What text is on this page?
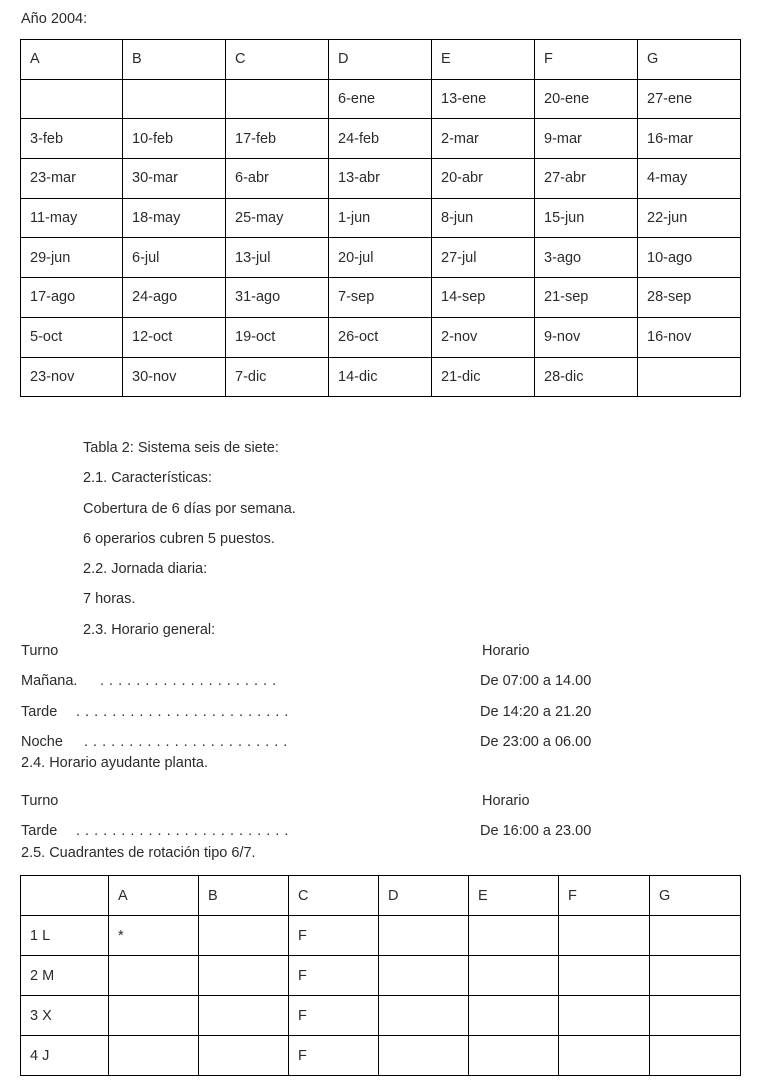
Año 2004:
A	B	C	D	E	F	G
			6-ene	13-ene	20-ene	27-ene
3-feb	10-feb	17-feb	24-feb	2-mar	9-mar	16-mar
23-mar	30-mar	6-abr	13-abr	20-abr	27-abr	4-may
11-may	18-may	25-may	1-jun	8-jun	15-jun	22-jun
29-jun	6-jul	13-jul	20-jul	27-jul	3-ago	10-ago
17-ago	24-ago	31-ago	7-sep	14-sep	21-sep	28-sep
5-oct	12-oct	19-oct	26-oct	2-nov	9-nov	16-nov
23-nov	30-nov	7-dic	14-dic	21-dic	28-dic	
Tabla 2: Sistema seis de siete:
2.1. Características:
Cobertura de 6 días por semana.
6 operarios cubren 5 puestos.
2.2. Jornada diaria:
7 horas.
2.3. Horario general:
Turno	Horario
Mañana. . . . . . . . . . . . . . . . . . . . .	De 07:00 a 14.00
Tarde . . . . . . . . . . . . . . . . . . . . . . . .	De 14:20 a 21.20
Noche . . . . . . . . . . . . . . . . . . . . . . .	De 23:00 a 06.00
2.4. Horario ayudante planta.
Turno	Horario
Tarde . . . . . . . . . . . . . . . . . . . . . . . .	De 16:00 a 23.00
2.5. Cuadrantes de rotación tipo 6/7.
	A	B	C	D	E	F	G
1 L	*		F				
2 M			F				
3 X			F				
4 J			F				
